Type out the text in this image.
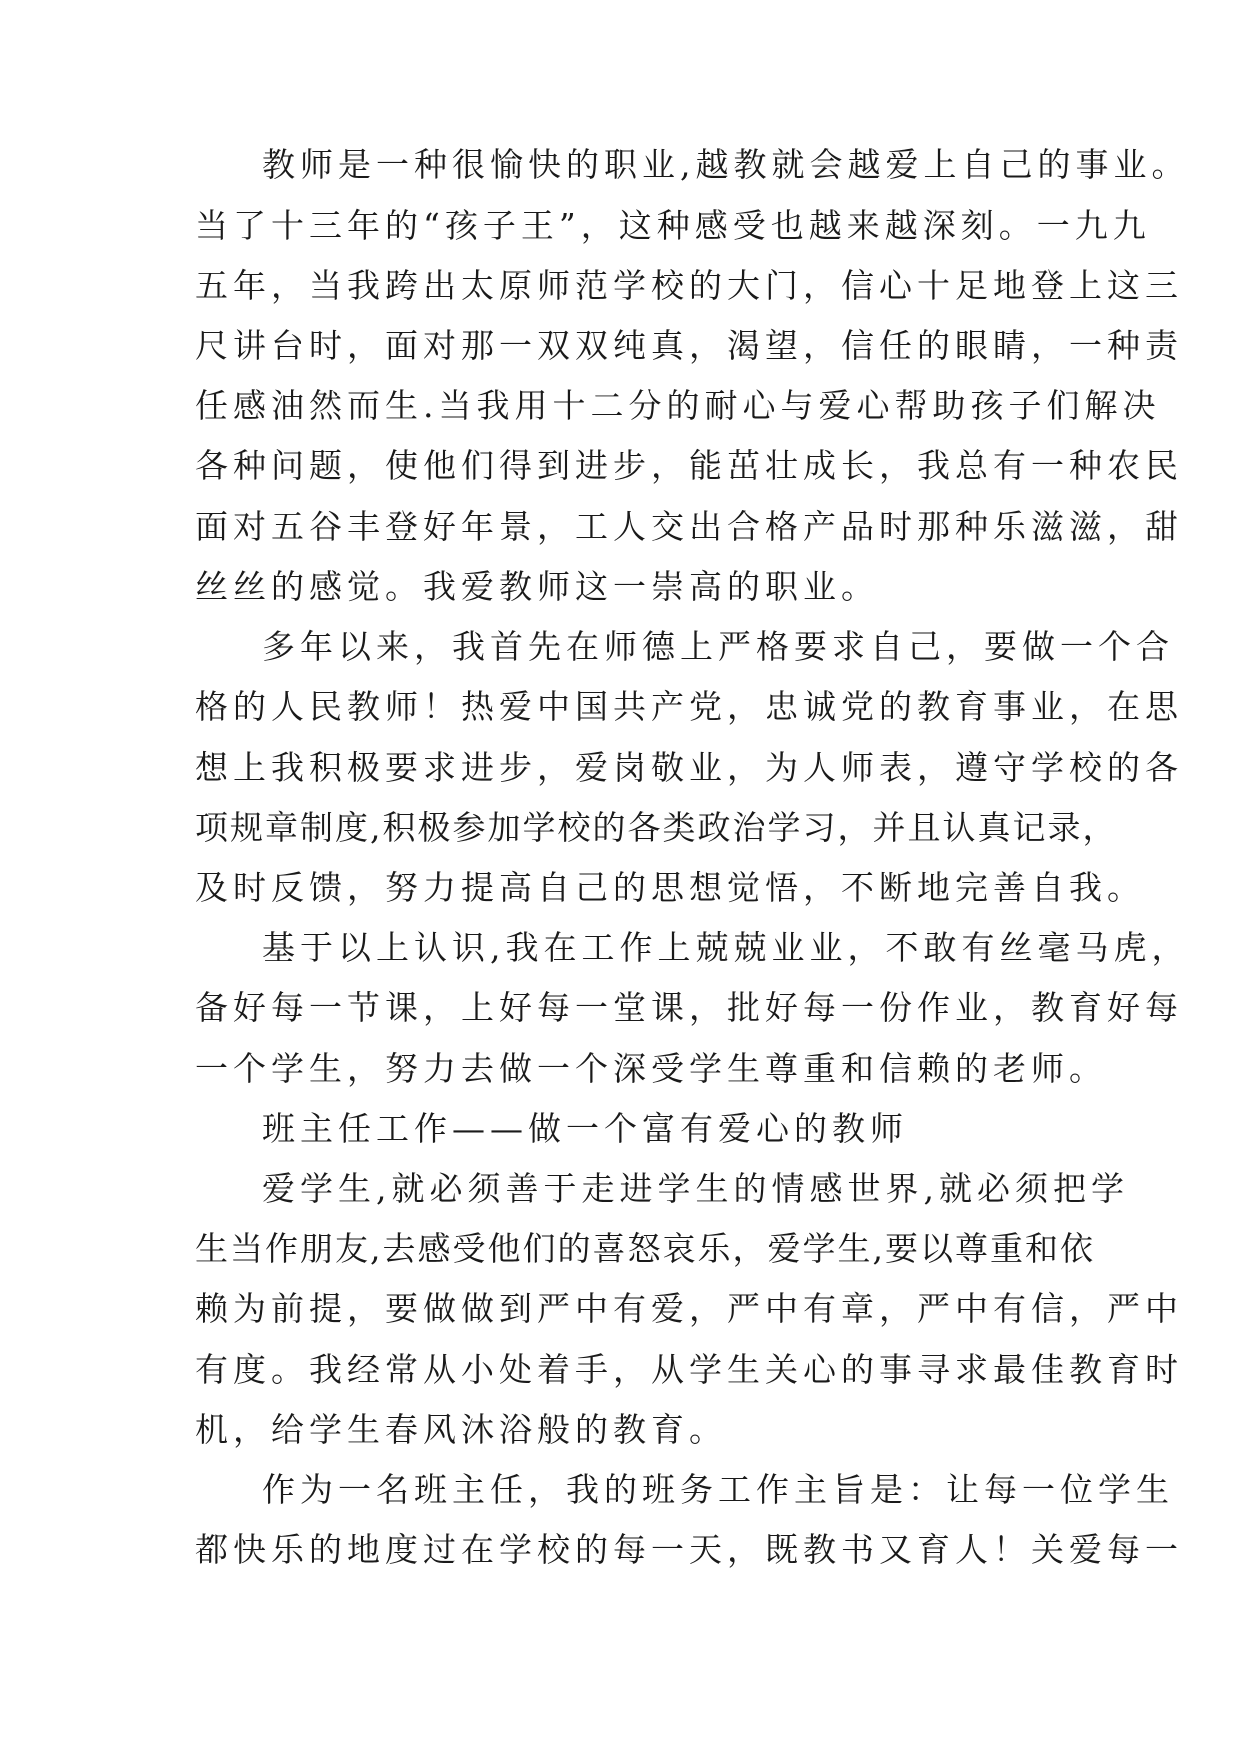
教师是一种很愉快的职业,越教就会越爱上自己的事业。

当了十三年的“孩子王”，这种感受也越来越深刻。一九九

五年，当我跨出太原师范学校的大门，信心十足地登上这三

尺讲台时，面对那一双双纯真，渴望，信任的眼睛，一种责

任感油然而生.当我用十二分的耐心与爱心帮助孩子们解决

各种问题，使他们得到进步，能茁壮成长，我总有一种农民

面对五谷丰登好年景，工人交出合格产品时那种乐滋滋，甜

丝丝的感觉。我爱教师这一崇高的职业。

多年以来，我首先在师德上严格要求自己，要做一个合

格的人民教师！热爱中国共产党，忠诚党的教育事业，在思

想上我积极要求进步，爱岗敬业，为人师表，遵守学校的各

项规章制度,积极参加学校的各类政治学习，并且认真记录，

及时反馈，努力提高自己的思想觉悟，不断地完善自我。

基于以上认识,我在工作上兢兢业业，不敢有丝毫马虎，

备好每一节课，上好每一堂课，批好每一份作业，教育好每

一个学生，努力去做一个深受学生尊重和信赖的老师。

班主任工作——做一个富有爱心的教师

爱学生,就必须善于走进学生的情感世界,就必须把学

生当作朋友,去感受他们的喜怒哀乐，爱学生,要以尊重和依

赖为前提，要做做到严中有爱，严中有章，严中有信，严中

有度。我经常从小处着手，从学生关心的事寻求最佳教育时

机，给学生春风沐浴般的教育。

作为一名班主任，我的班务工作主旨是：让每一位学生

都快乐的地度过在学校的每一天，既教书又育人！关爱每一
